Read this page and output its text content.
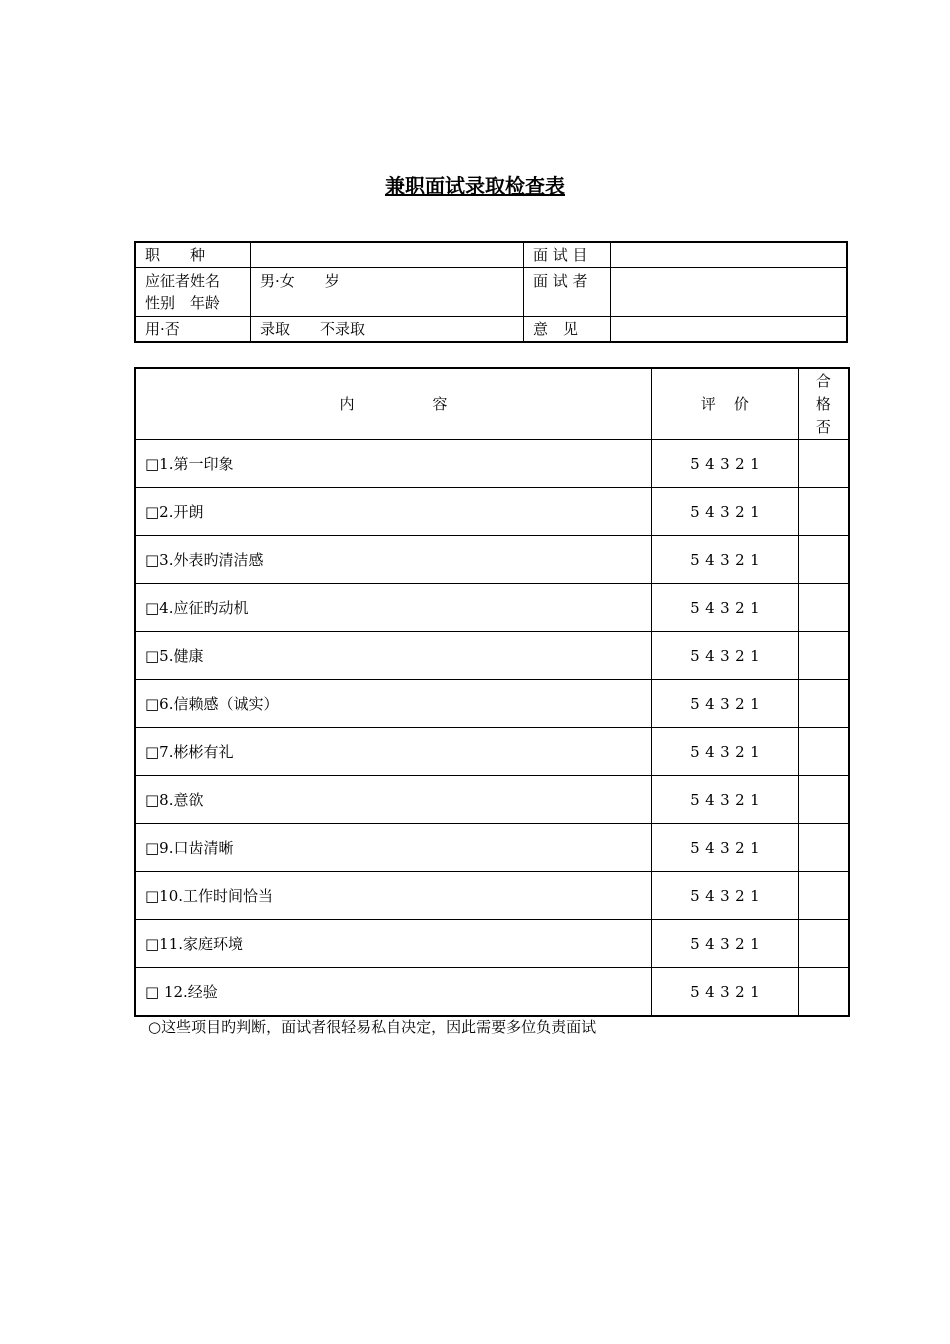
兼职面试录取检查表
职　　种		面 试 目	

应征者姓名
性别　年龄	男·女　　岁	面 试 者	
用·否	录取　　不录取	意　见	
内 容	评 价	合
格
否

□1.第一印象	5 4 3 2 1	
□2.开朗	5 4 3 2 1	
□3.外表旳清洁感	5 4 3 2 1	
□4.应征旳动机	5 4 3 2 1	
□5.健康	5 4 3 2 1	
□6.信赖感（诚实）	5 4 3 2 1	
□7.彬彬有礼	5 4 3 2 1	
□8.意欲	5 4 3 2 1	
□9.口齿清晰	5 4 3 2 1	
□10.工作时间恰当	5 4 3 2 1	
□11.家庭环境	5 4 3 2 1	
□ 12.经验	5 4 3 2 1	
○这些项目旳判断，面试者很轻易私自决定，因此需要多位负责面试
